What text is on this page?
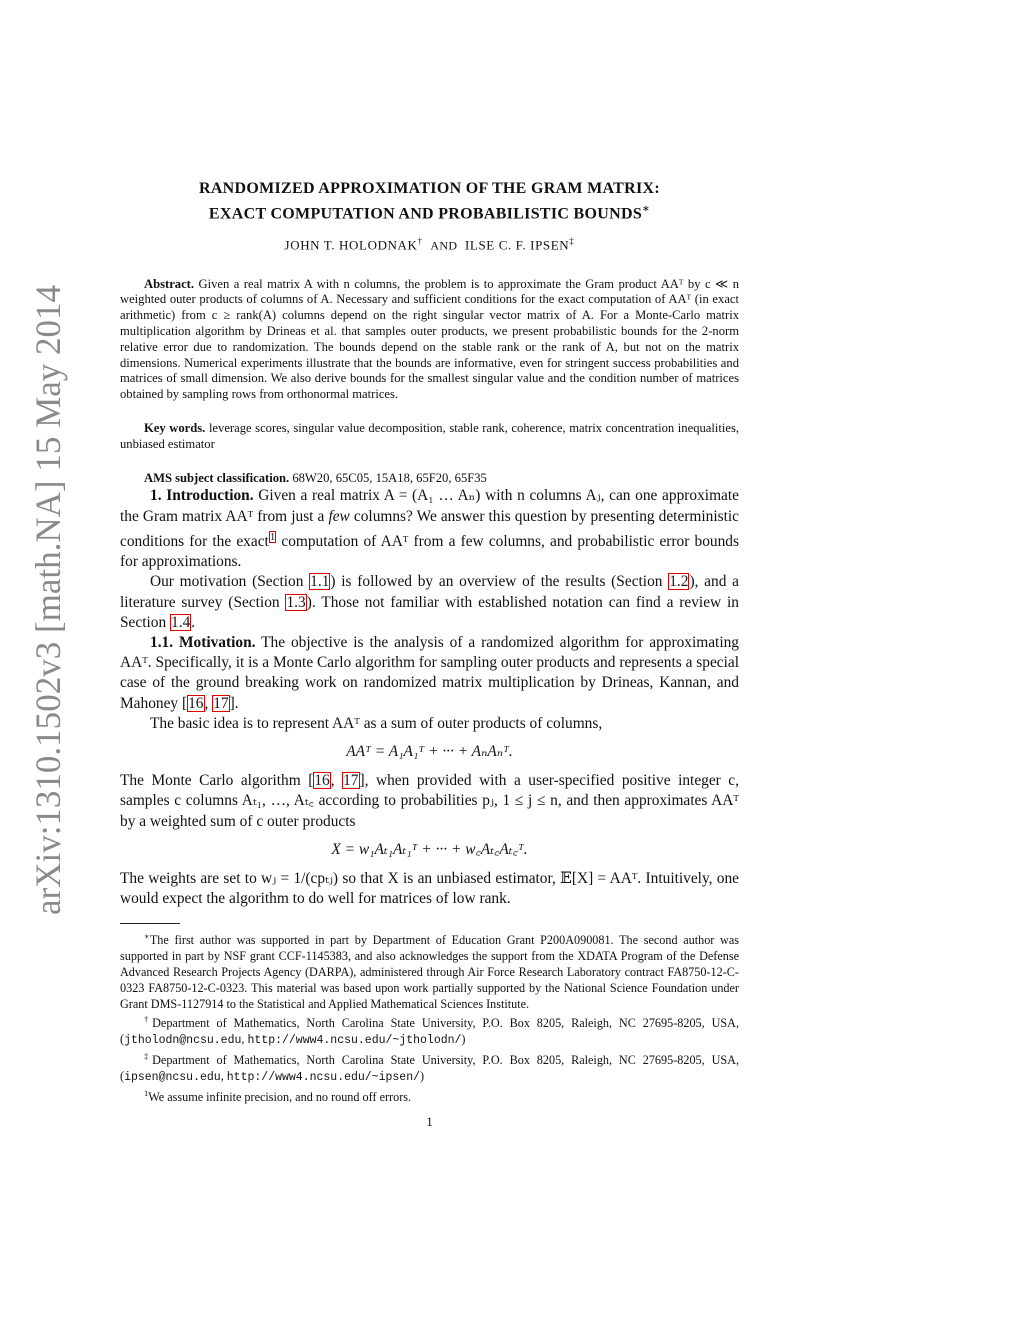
arXiv:1310.1502v3 [math.NA] 15 May 2014
RANDOMIZED APPROXIMATION OF THE GRAM MATRIX:
EXACT COMPUTATION AND PROBABILISTIC BOUNDS∗
JOHN T. HOLODNAK† AND ILSE C. F. IPSEN‡
Abstract. Given a real matrix A with n columns, the problem is to approximate the Gram product AAᵀ by c ≪ n weighted outer products of columns of A. Necessary and sufficient conditions for the exact computation of AAᵀ (in exact arithmetic) from c ≥ rank(A) columns depend on the right singular vector matrix of A. For a Monte-Carlo matrix multiplication algorithm by Drineas et al. that samples outer products, we present probabilistic bounds for the 2-norm relative error due to randomization. The bounds depend on the stable rank or the rank of A, but not on the matrix dimensions. Numerical experiments illustrate that the bounds are informative, even for stringent success probabilities and matrices of small dimension. We also derive bounds for the smallest singular value and the condition number of matrices obtained by sampling rows from orthonormal matrices.
Key words. leverage scores, singular value decomposition, stable rank, coherence, matrix concentration inequalities, unbiased estimator
AMS subject classification. 68W20, 65C05, 15A18, 65F20, 65F35

1. Introduction. Given a real matrix A = (A₁ … Aₙ) with n columns Aⱼ, can one approximate the Gram matrix AAᵀ from just a few columns? We answer this question by presenting deterministic conditions for the exact$^1$ computation of AAᵀ from a few columns, and probabilistic error bounds for approximations.

Our motivation (Section 1.1) is followed by an overview of the results (Section 1.2), and a literature survey (Section 1.3). Those not familiar with established notation can find a review in Section 1.4.

1.1. Motivation. The objective is the analysis of a randomized algorithm for approximating AAᵀ. Specifically, it is a Monte Carlo algorithm for sampling outer products and represents a special case of the ground breaking work on randomized matrix multiplication by Drineas, Kannan, and Mahoney [16, 17].

The basic idea is to represent AAᵀ as a sum of outer products of columns,

AAᵀ = A₁A₁ᵀ + ··· + AₙAₙᵀ.

The Monte Carlo algorithm [16, 17], when provided with a user-specified positive integer c, samples c columns Aₜ₁, …, Aₜ꜀ according to probabilities pⱼ, 1 ≤ j ≤ n, and then approximates AAᵀ by a weighted sum of c outer products

X = w₁Aₜ₁Aₜ₁ᵀ + ··· + w꜀Aₜ꜀Aₜ꜀ᵀ.

The weights are set to wⱼ = 1/(cpₜⱼ) so that X is an unbiased estimator, 𝔼[X] = AAᵀ. Intuitively, one would expect the algorithm to do well for matrices of low rank.

∗The first author was supported in part by Department of Education Grant P200A090081. The second author was supported in part by NSF grant CCF-1145383, and also acknowledges the support from the XDATA Program of the Defense Advanced Research Projects Agency (DARPA), administered through Air Force Research Laboratory contract FA8750-12-C-0323 FA8750-12-C-0323. This material was based upon work partially supported by the National Science Foundation under Grant DMS-1127914 to the Statistical and Applied Mathematical Sciences Institute.

†Department of Mathematics, North Carolina State University, P.O. Box 8205, Raleigh, NC 27695-8205, USA, (jtholodn@ncsu.edu, http://www4.ncsu.edu/~jtholodn/)

‡Department of Mathematics, North Carolina State University, P.O. Box 8205, Raleigh, NC 27695-8205, USA, (ipsen@ncsu.edu, http://www4.ncsu.edu/~ipsen/)

$^1$We assume infinite precision, and no round off errors.

1
